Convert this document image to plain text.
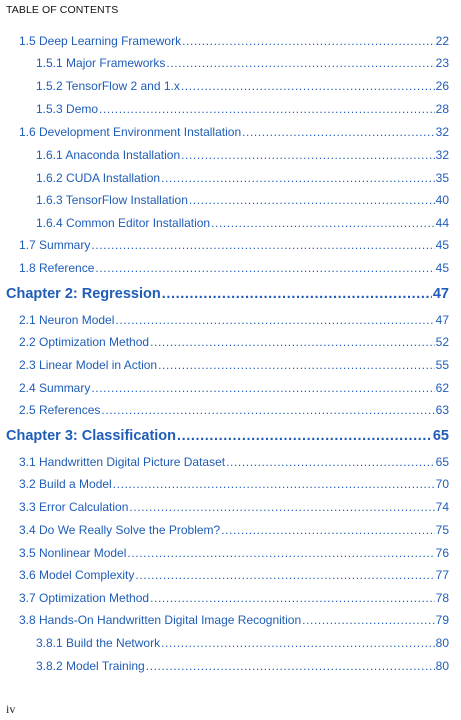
TABLE OF CONTENTS
1.5 Deep Learning Framework .....	22
1.5.1 Major Frameworks .....	23
1.5.2 TensorFlow 2 and 1.x .....	26
1.5.3 Demo .....	28
1.6 Development Environment Installation .....	32
1.6.1 Anaconda Installation .....	32
1.6.2 CUDA Installation .....	35
1.6.3 TensorFlow Installation .....	40
1.6.4 Common Editor Installation .....	44
1.7 Summary .....	45
1.8 Reference .....	45
Chapter 2: Regression .....	47
2.1 Neuron Model .....	47
2.2 Optimization Method .....	52
2.3 Linear Model in Action .....	55
2.4 Summary .....	62
2.5 References .....	63
Chapter 3: Classification .....	65
3.1 Handwritten Digital Picture Dataset .....	65
3.2 Build a Model .....	70
3.3 Error Calculation .....	74
3.4 Do We Really Solve the Problem? .....	75
3.5 Nonlinear Model .....	76
3.6 Model Complexity .....	77
3.7 Optimization Method .....	78
3.8 Hands-On Handwritten Digital Image Recognition .....	79
3.8.1 Build the Network .....	80
3.8.2 Model Training .....	80
iv
